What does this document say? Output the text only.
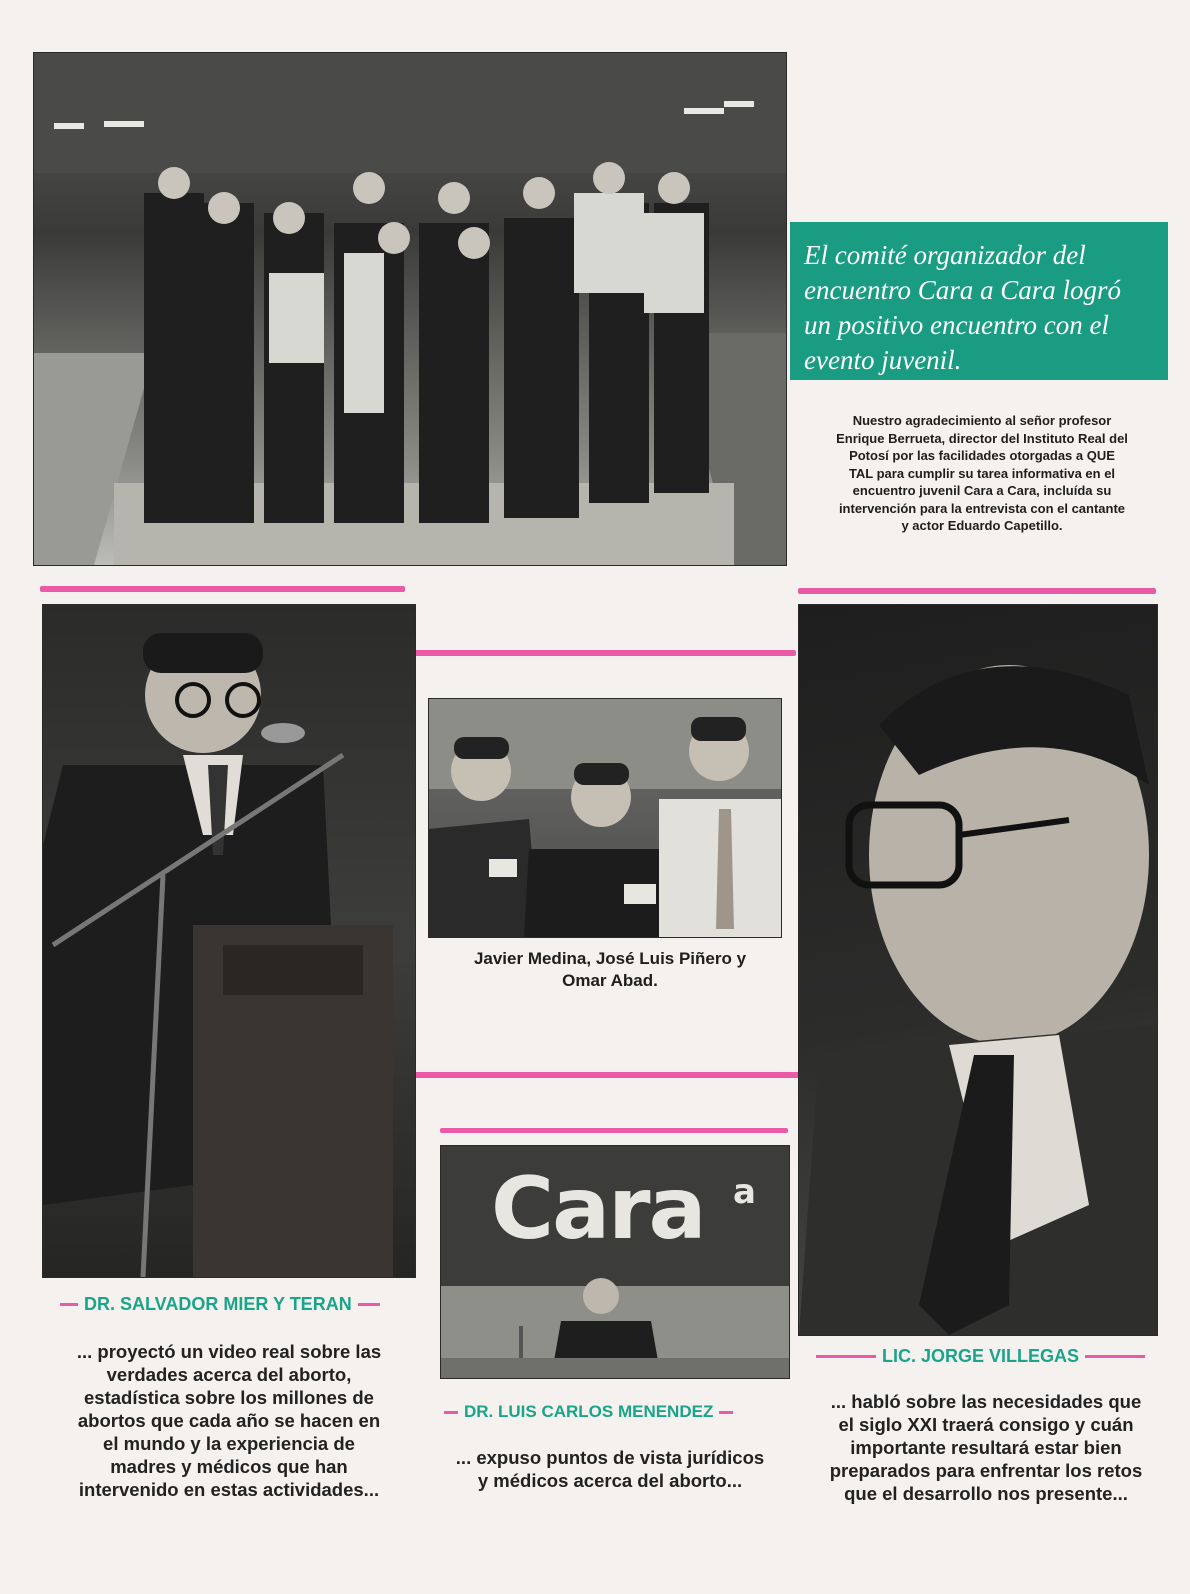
El comité organizador del
encuentro Cara a Cara logró
un positivo encuentro con el
evento juvenil.
Nuestro agradecimiento al señor profesor
Enrique Berrueta, director del Instituto Real del
Potosí por las facilidades otorgadas a QUE
TAL para cumplir su tarea informativa en el
encuentro juvenil Cara a Cara, incluída su
intervención para la entrevista con el cantante
y actor Eduardo Capetillo.
Javier Medina, José Luis Piñero y
Omar Abad.
Cara a
DR. SALVADOR MIER Y TERAN
... proyectó un video real sobre las
verdades acerca del aborto,
estadística sobre los millones de
abortos que cada año se hacen en
el mundo y la experiencia de
madres y médicos que han
intervenido en estas actividades...
DR. LUIS CARLOS MENENDEZ
... expuso puntos de vista jurídicos
y médicos acerca del aborto...
LIC. JORGE VILLEGAS
... habló sobre las necesidades que
el siglo XXI traerá consigo y cuán
importante resultará estar bien
preparados para enfrentar los retos
que el desarrollo nos presente...
